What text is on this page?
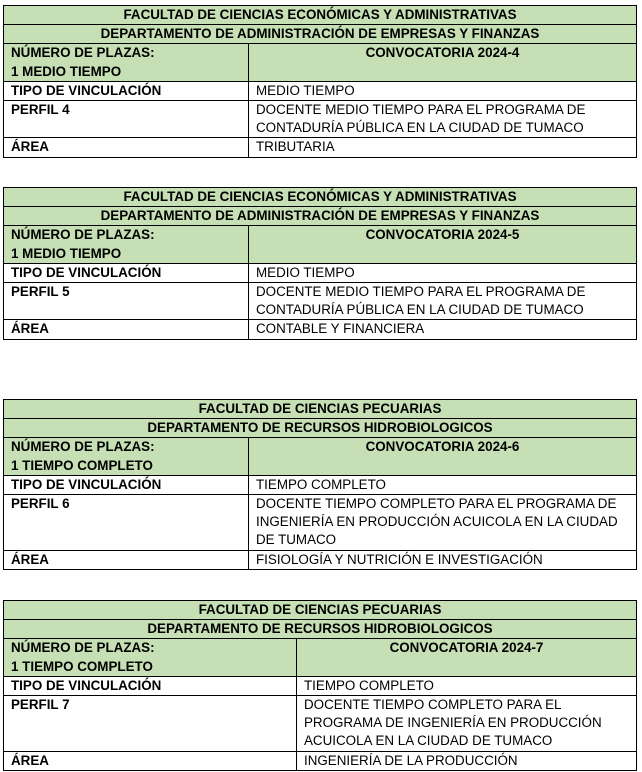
FACULTAD DE CIENCIAS ECONÓMICAS Y ADMINISTRATIVAS	
DEPARTAMENTO DE ADMINISTRACIÓN DE EMPRESAS Y FINANZAS	

NÚMERO DE PLAZAS:
1 MEDIO TIEMPO	CONVOCATORIA 2024-4
TIPO DE VINCULACIÓN	MEDIO TIEMPO
PERFIL 4	DOCENTE MEDIO TIEMPO PARA EL PROGRAMA DE
CONTADURÍA PÚBLICA EN LA CIUDAD DE TUMACO

ÁREA	TRIBUTARIA
FACULTAD DE CIENCIAS ECONÓMICAS Y ADMINISTRATIVAS	
DEPARTAMENTO DE ADMINISTRACIÓN DE EMPRESAS Y FINANZAS	

NÚMERO DE PLAZAS:
1 MEDIO TIEMPO	CONVOCATORIA 2024-5
TIPO DE VINCULACIÓN	MEDIO TIEMPO
PERFIL 5	DOCENTE MEDIO TIEMPO PARA EL PROGRAMA DE
CONTADURÍA PÚBLICA EN LA CIUDAD DE TUMACO

ÁREA	CONTABLE Y FINANCIERA
FACULTAD DE CIENCIAS PECUARIAS	
DEPARTAMENTO DE RECURSOS HIDROBIOLOGICOS	

NÚMERO DE PLAZAS:
1 TIEMPO COMPLETO	CONVOCATORIA 2024-6
TIPO DE VINCULACIÓN	TIEMPO COMPLETO
PERFIL 6	DOCENTE TIEMPO COMPLETO PARA EL PROGRAMA DE
INGENIERÍA EN PRODUCCIÓN ACUICOLA EN LA CIUDAD
DE TUMACO

ÁREA	FISIOLOGÍA Y NUTRICIÓN E INVESTIGACIÓN
FACULTAD DE CIENCIAS PECUARIAS	
DEPARTAMENTO DE RECURSOS HIDROBIOLOGICOS	

NÚMERO DE PLAZAS:
1 TIEMPO COMPLETO	CONVOCATORIA 2024-7
TIPO DE VINCULACIÓN	TIEMPO COMPLETO
PERFIL 7	DOCENTE TIEMPO COMPLETO PARA EL
PROGRAMA DE INGENIERÍA EN PRODUCCIÓN
ACUICOLA EN LA CIUDAD DE TUMACO

ÁREA	INGENIERÍA DE LA PRODUCCIÓN
